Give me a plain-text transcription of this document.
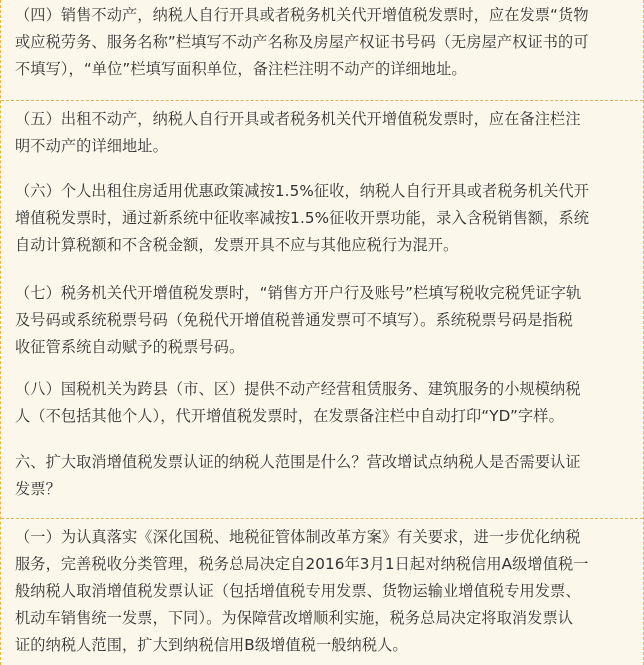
（四）销售不动产，纳税人自行开具或者税务机关代开增值税发票时，应在发票“货物
或应税劳务、服务名称”栏填写不动产名称及房屋产权证书号码（无房屋产权证书的可
不填写），“单位”栏填写面积单位，备注栏注明不动产的详细地址。
（五）出租不动产，纳税人自行开具或者税务机关代开增值税发票时，应在备注栏注
明不动产的详细地址。
（六）个人出租住房适用优惠政策减按1.5%征收，纳税人自行开具或者税务机关代开
增值税发票时，通过新系统中征收率减按1.5%征收开票功能，录入含税销售额，系统
自动计算税额和不含税金额，发票开具不应与其他应税行为混开。
（七）税务机关代开增值税发票时，“销售方开户行及账号”栏填写税收完税凭证字轨
及号码或系统税票号码（免税代开增值税普通发票可不填写）。系统税票号码是指税
收征管系统自动赋予的税票号码。
（八）国税机关为跨县（市、区）提供不动产经营租赁服务、建筑服务的小规模纳税
人（不包括其他个人），代开增值税发票时，在发票备注栏中自动打印“YD”字样。
六、扩大取消增值税发票认证的纳税人范围是什么？营改增试点纳税人是否需要认证
发票？
（一）为认真落实《深化国税、地税征管体制改革方案》有关要求，进一步优化纳税
服务，完善税收分类管理，税务总局决定自2016年3月1日起对纳税信用A级增值税一
般纳税人取消增值税发票认证（包括增值税专用发票、货物运输业增值税专用发票、
机动车销售统一发票，下同）。为保障营改增顺利实施，税务总局决定将取消发票认
证的纳税人范围，扩大到纳税信用B级增值税一般纳税人。
